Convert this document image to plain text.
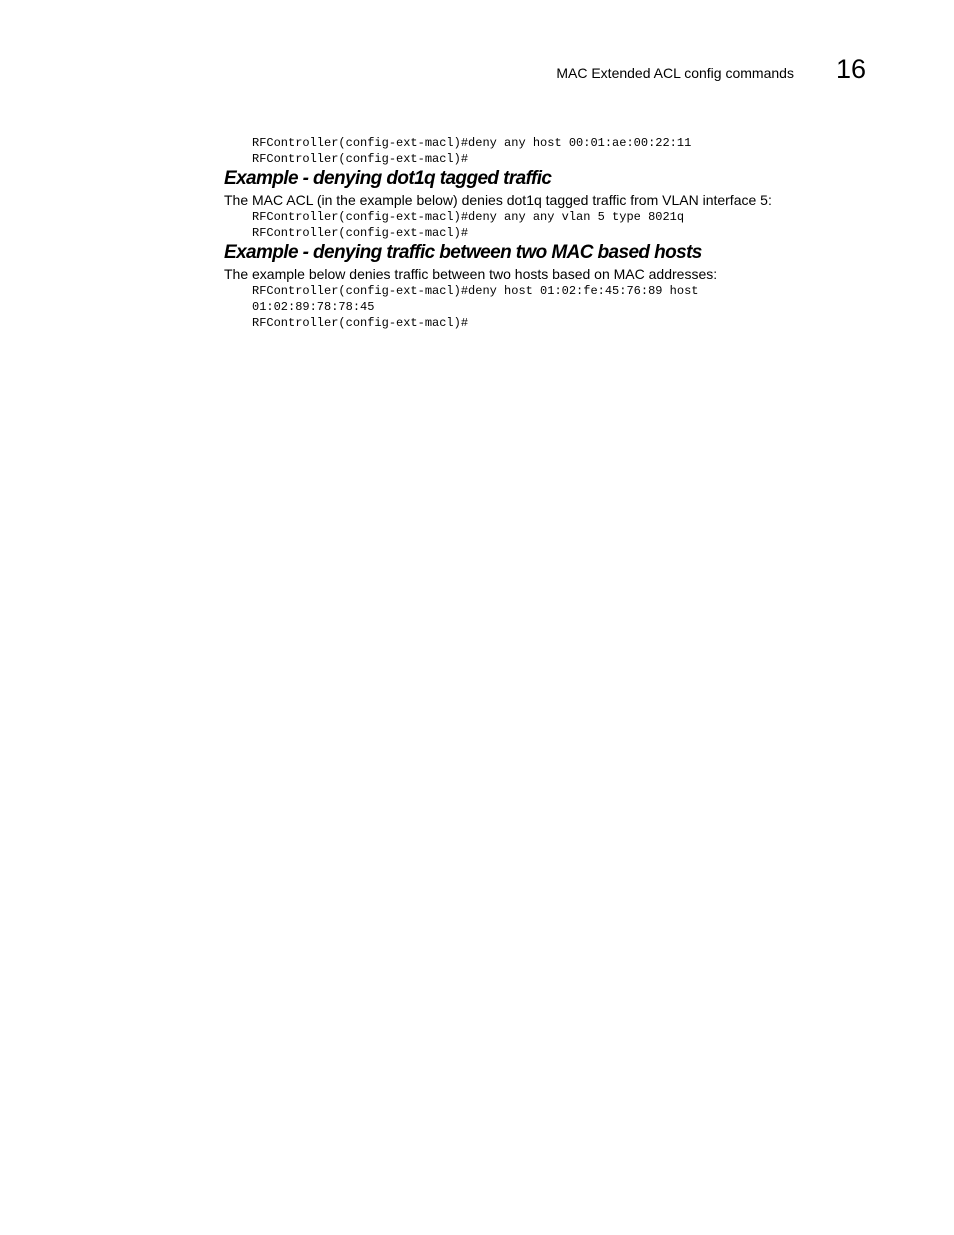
MAC Extended ACL config commands 16
RFController(config-ext-macl)#deny any host 00:01:ae:00:22:11
RFController(config-ext-macl)#
Example - denying dot1q tagged traffic

The MAC ACL (in the example below) denies dot1q tagged traffic from VLAN interface 5:

RFController(config-ext-macl)#deny any any vlan 5 type 8021q
RFController(config-ext-macl)#
Example - denying traffic between two MAC based hosts

The example below denies traffic between two hosts based on MAC addresses:

RFController(config-ext-macl)#deny host 01:02:fe:45:76:89 host
01:02:89:78:78:45
RFController(config-ext-macl)#
